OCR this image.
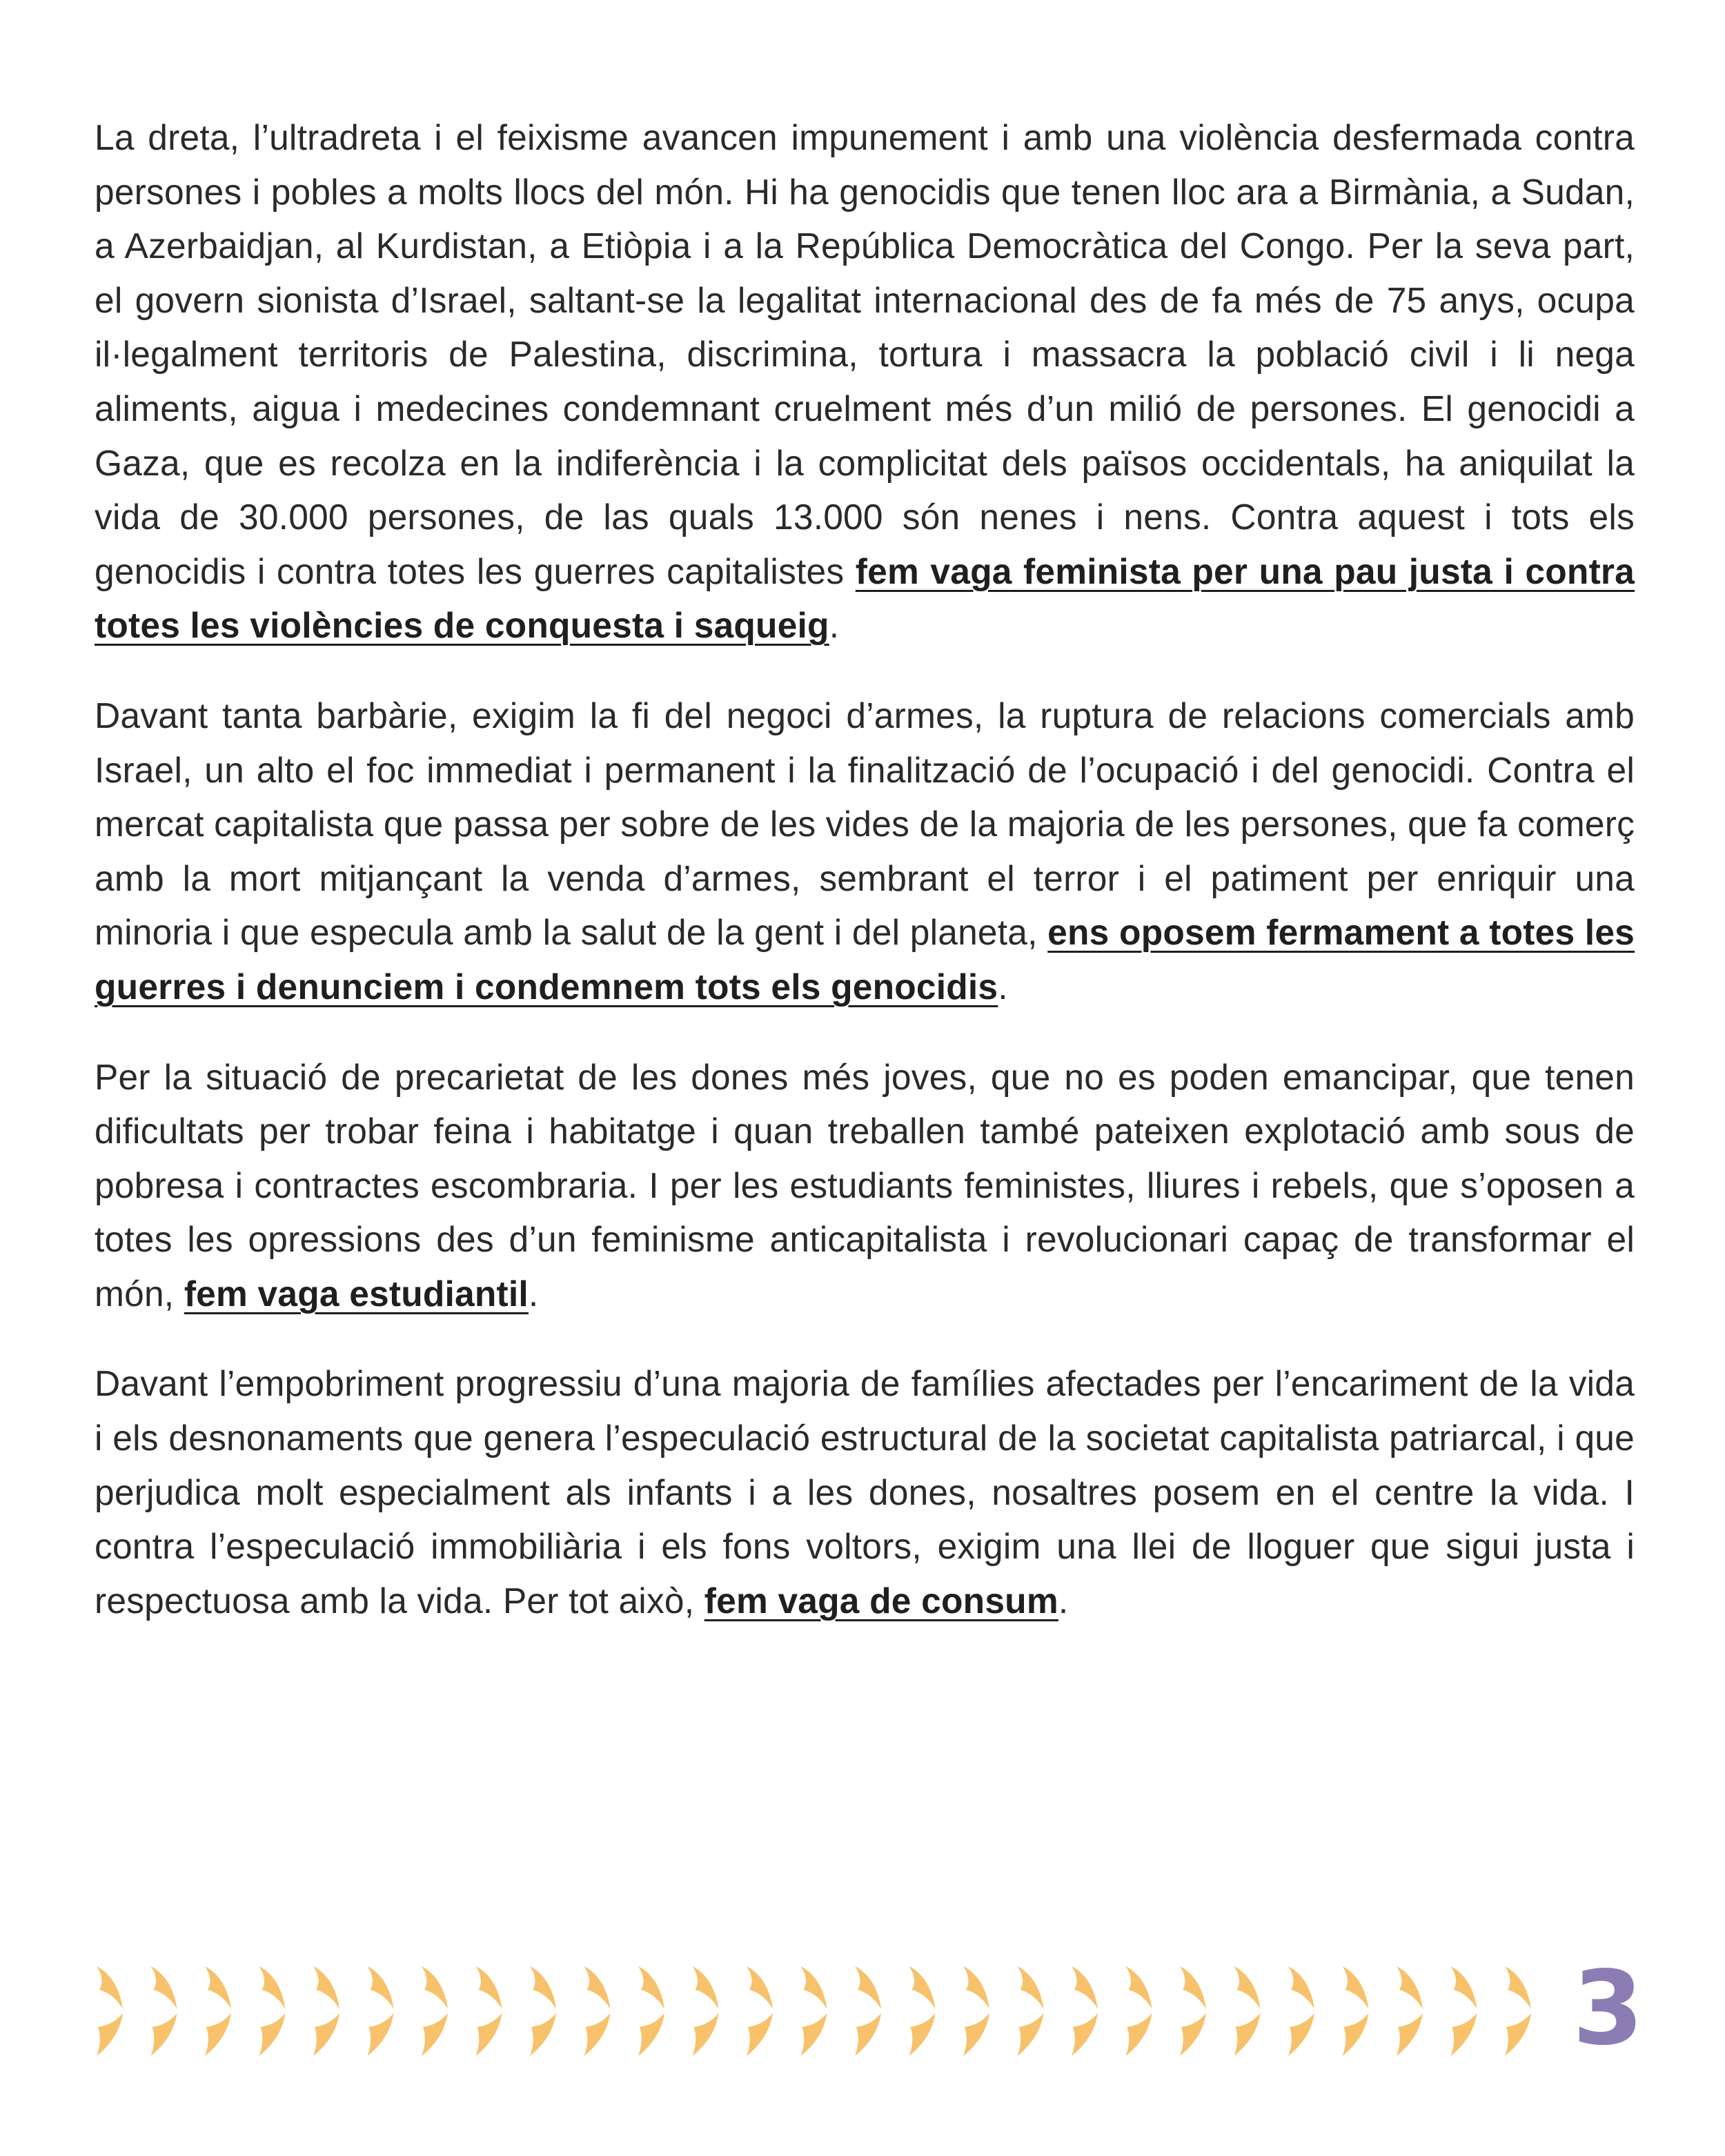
La dreta, l’ultradreta i el feixisme avancen impunement i amb una violència desfermada contra persones i pobles a molts llocs del món. Hi ha genocidis que tenen lloc ara a Birmània, a Sudan, a Azerbaidjan, al Kurdistan, a Etiòpia i a la República Democràtica del Congo. Per la seva part, el govern sionista d’Israel, saltant-se la legalitat internacional des de fa més de 75 anys, ocupa il·legalment territoris de Palestina, discrimina, tortura i massacra la població civil i li nega aliments, aigua i medecines condemnant cruelment més d’un milió de persones. El genocidi a Gaza, que es recolza en la indiferència i la complicitat dels països occidentals, ha aniquilat la vida de 30.000 persones, de las quals 13.000 són nenes i nens. Contra aquest i tots els genocidis i contra totes les guerres capitalistes fem vaga feminista per una pau justa i contra totes les violències de conquesta i saqueig.

Davant tanta barbàrie, exigim la fi del negoci d’armes, la ruptura de relacions comercials amb Israel, un alto el foc immediat i permanent i la finalització de l’ocupació i del genocidi. Contra el mercat capitalista que passa per sobre de les vides de la majoria de les persones, que fa comerç amb la mort mitjançant la venda d’armes, sembrant el terror i el patiment per enriquir una minoria i que especula amb la salut de la gent i del planeta, ens oposem fermament a totes les guerres i denunciem i condemnem tots els genocidis.

Per la situació de precarietat de les dones més joves, que no es poden emancipar, que tenen dificultats per trobar feina i habitatge i quan treballen també pateixen explotació amb sous de pobresa i contractes escombraria. I per les estudiants feministes, lliures i rebels, que s’oposen a totes les opressions des d’un feminisme anticapitalista i revolucionari capaç de transformar el món, fem vaga estudiantil.

Davant l’empobriment progressiu d’una majoria de famílies afectades per l’encariment de la vida i els desnonaments que genera l’especulació estructural de la societat capitalista patriarcal, i que perjudica molt especialment als infants i a les dones, nosaltres posem en el centre la vida. I contra l’especulació immobiliària i els fons voltors, exigim una llei de lloguer que sigui justa i respectuosa amb la vida. Per tot això, fem vaga de consum.

3
